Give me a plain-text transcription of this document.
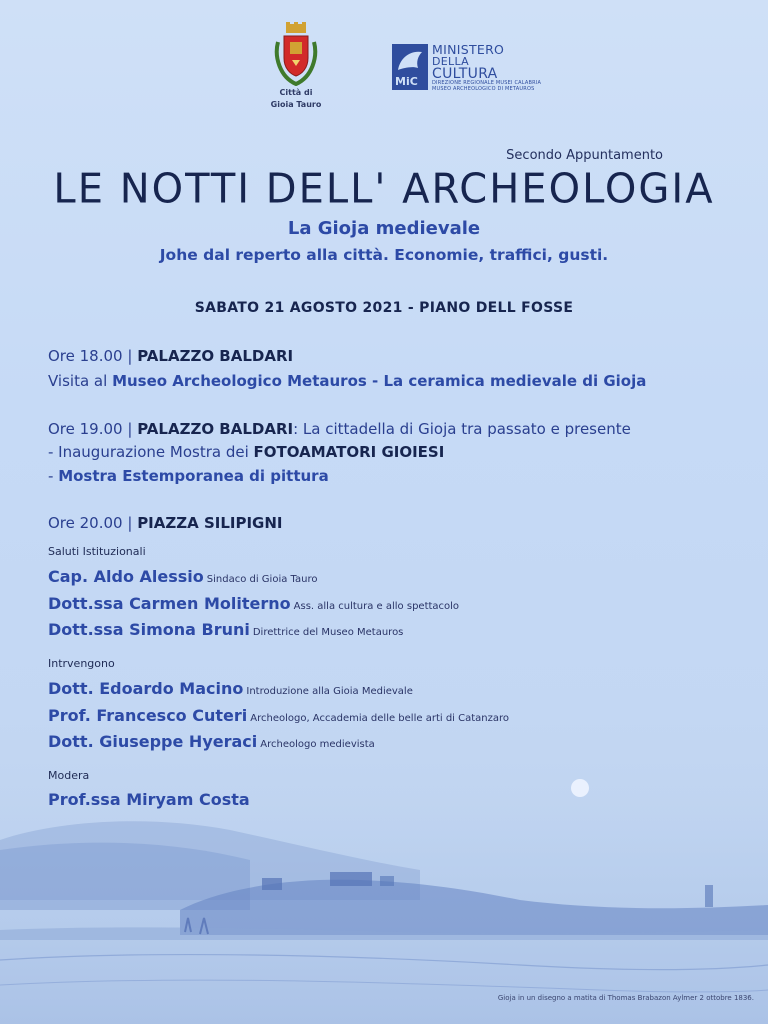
Città di
Gioia Tauro
MiC
MINISTERO
DELLA
CULTURA
DIREZIONE REGIONALE MUSEI CALABRIA
MUSEO ARCHEOLOGICO DI METAUROS
Secondo Appuntamento
LE NOTTI DELL' ARCHEOLOGIA
La Gioja medievale
Johe dal reperto alla città. Economie, traffici, gusti.
SABATO 21 AGOSTO 2021 - PIANO DELL FOSSE
Ore 18.00 | PALAZZO BALDARI
Visita al Museo Archeologico Metauros - La ceramica medievale di Gioja
Ore 19.00 | PALAZZO BALDARI: La cittadella di Gioja tra passato e presente
- Inaugurazione Mostra dei FOTOAMATORI GIOIESI
- Mostra Estemporanea di pittura
Ore 20.00 | PIAZZA SILIPIGNI
Saluti Istituzionali
Cap. Aldo Alessio Sindaco di Gioia Tauro
Dott.ssa Carmen Moliterno Ass. alla cultura e allo spettacolo
Dott.ssa Simona Bruni Direttrice del Museo Metauros
Intrvengono
Dott. Edoardo Macino Introduzione alla Gioia Medievale
Prof. Francesco Cuteri Archeologo, Accademia delle belle arti di Catanzaro
Dott. Giuseppe Hyeraci Archeologo medievista
Modera
Prof.ssa Miryam Costa
Gioja in un disegno a matita di Thomas Brabazon Aylmer 2 ottobre 1836.
